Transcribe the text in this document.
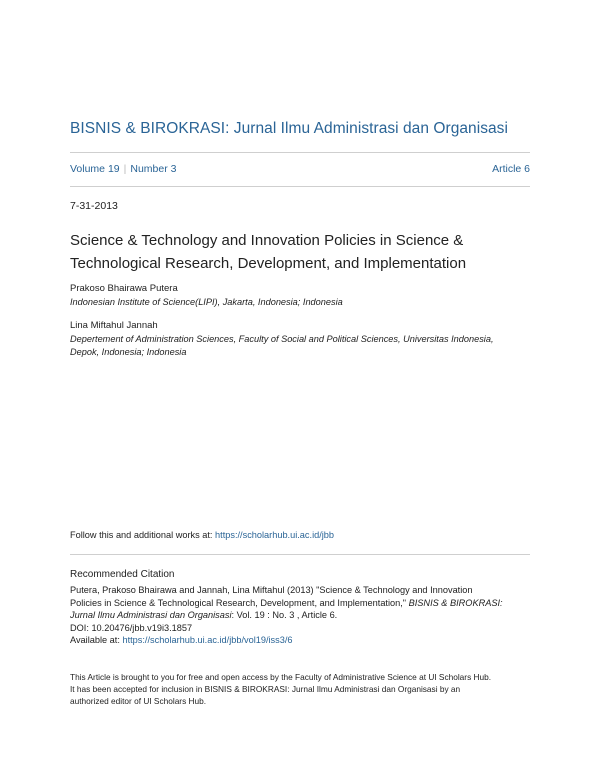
BISNIS & BIROKRASI: Jurnal Ilmu Administrasi dan Organisasi
Volume 19 | Number 3	Article 6
7-31-2013
Science & Technology and Innovation Policies in Science &
Technological Research, Development, and Implementation
Prakoso Bhairawa Putera
Indonesian Institute of Science(LIPI), Jakarta, Indonesia; Indonesia
Lina Miftahul Jannah
Depertement of Administration Sciences, Faculty of Social and Political Sciences, Universitas Indonesia,
Depok, Indonesia; Indonesia
Follow this and additional works at: https://scholarhub.ui.ac.id/jbb
Recommended Citation
Putera, Prakoso Bhairawa and Jannah, Lina Miftahul (2013) "Science & Technology and Innovation
Policies in Science & Technological Research, Development, and Implementation," BISNIS & BIROKRASI:
Jurnal Ilmu Administrasi dan Organisasi: Vol. 19 : No. 3 , Article 6.
DOI: 10.20476/jbb.v19i3.1857
Available at: https://scholarhub.ui.ac.id/jbb/vol19/iss3/6
This Article is brought to you for free and open access by the Faculty of Administrative Science at UI Scholars Hub.
It has been accepted for inclusion in BISNIS & BIROKRASI: Jurnal Ilmu Administrasi dan Organisasi by an
authorized editor of UI Scholars Hub.
